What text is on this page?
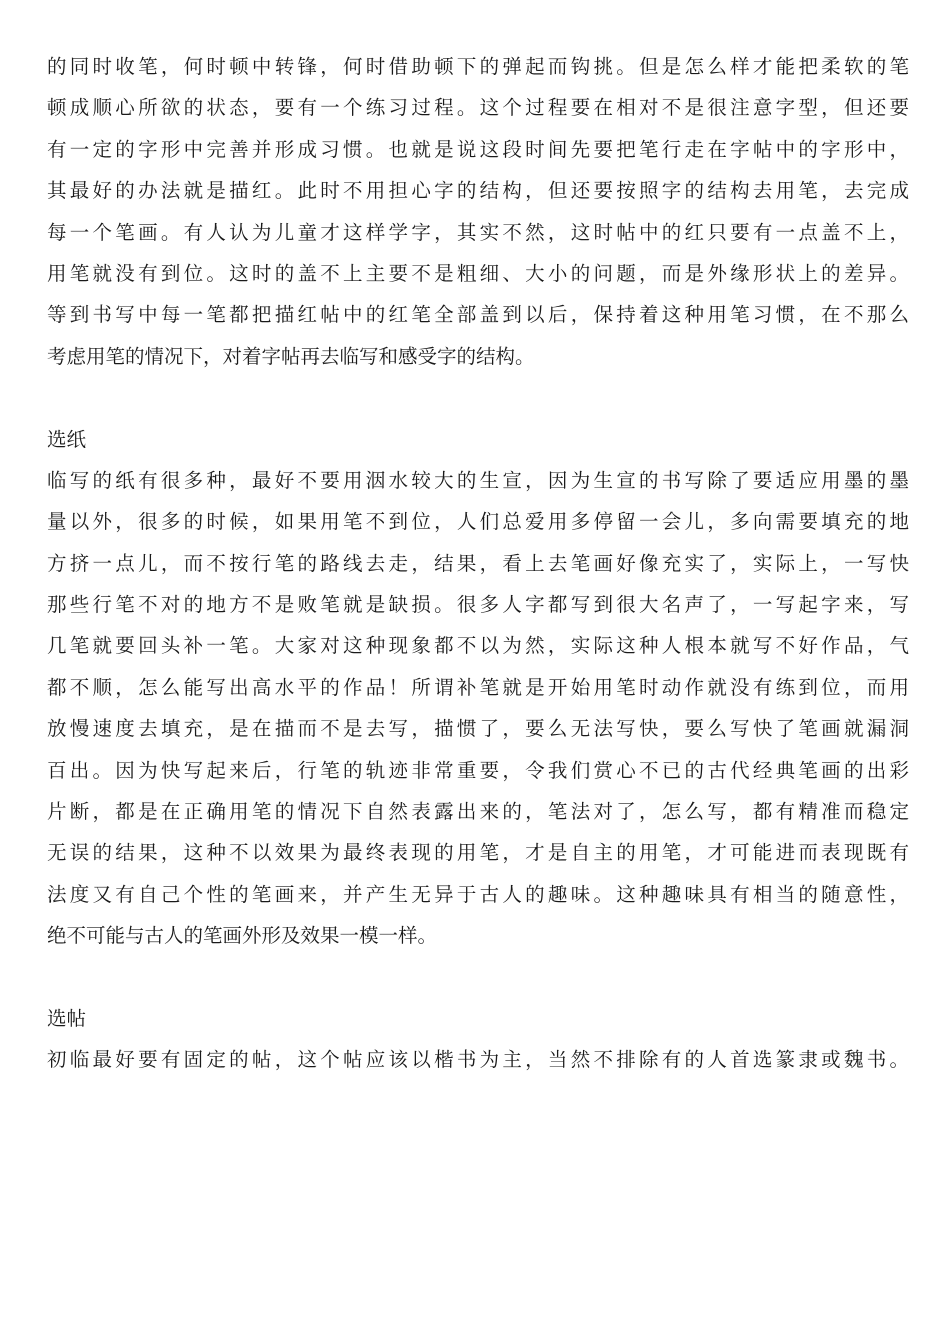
的同时收笔，何时顿中转锋，何时借助顿下的弹起而钩挑。但是怎么样才能把柔软的笔
顿成顺心所欲的状态，要有一个练习过程。这个过程要在相对不是很注意字型，但还要
有一定的字形中完善并形成习惯。也就是说这段时间先要把笔行走在字帖中的字形中，
其最好的办法就是描红。此时不用担心字的结构，但还要按照字的结构去用笔，去完成
每一个笔画。有人认为儿童才这样学字，其实不然，这时帖中的红只要有一点盖不上，
用笔就没有到位。这时的盖不上主要不是粗细、大小的问题，而是外缘形状上的差异。
等到书写中每一笔都把描红帖中的红笔全部盖到以后，保持着这种用笔习惯，在不那么
考虑用笔的情况下，对着字帖再去临写和感受字的结构。
选纸
临写的纸有很多种，最好不要用洇水较大的生宣，因为生宣的书写除了要适应用墨的墨
量以外，很多的时候，如果用笔不到位，人们总爱用多停留一会儿，多向需要填充的地
方挤一点儿，而不按行笔的路线去走，结果，看上去笔画好像充实了，实际上，一写快
那些行笔不对的地方不是败笔就是缺损。很多人字都写到很大名声了，一写起字来，写
几笔就要回头补一笔。大家对这种现象都不以为然，实际这种人根本就写不好作品，气
都不顺，怎么能写出高水平的作品！所谓补笔就是开始用笔时动作就没有练到位，而用
放慢速度去填充，是在描而不是去写，描惯了，要么无法写快，要么写快了笔画就漏洞
百出。因为快写起来后，行笔的轨迹非常重要，令我们赏心不已的古代经典笔画的出彩
片断，都是在正确用笔的情况下自然表露出来的，笔法对了，怎么写，都有精准而稳定
无误的结果，这种不以效果为最终表现的用笔，才是自主的用笔，才可能进而表现既有
法度又有自己个性的笔画来，并产生无异于古人的趣味。这种趣味具有相当的随意性，
绝不可能与古人的笔画外形及效果一模一样。
选帖
初临最好要有固定的帖，这个帖应该以楷书为主，当然不排除有的人首选篆隶或魏书。
